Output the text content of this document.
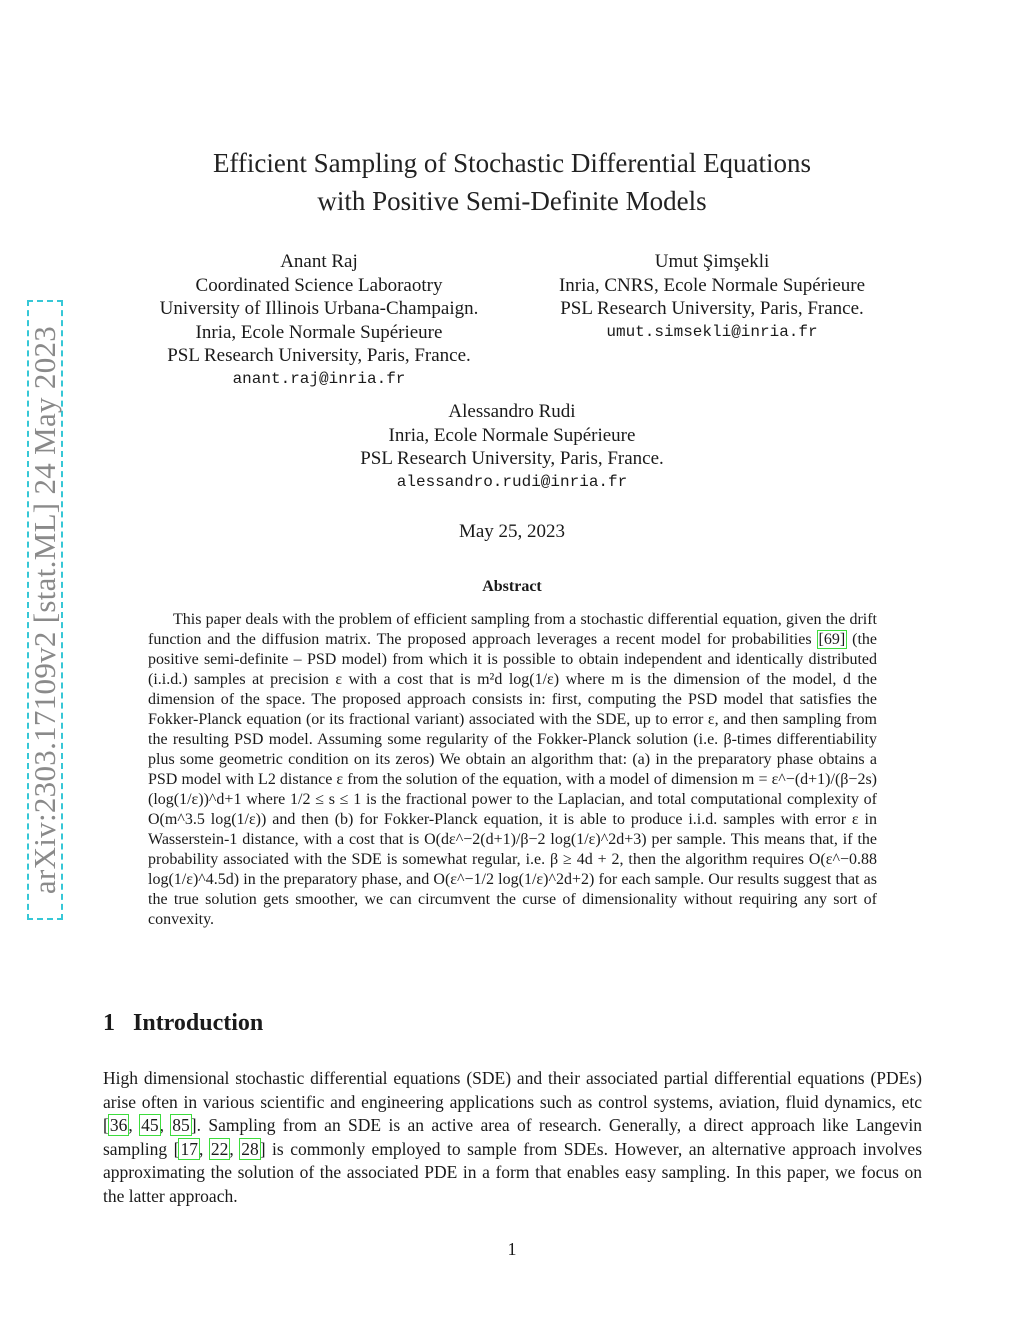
arXiv:2303.17109v2 [stat.ML] 24 May 2023
Efficient Sampling of Stochastic Differential Equations
with Positive Semi-Definite Models
Anant Raj
Coordinated Science Laboraotry
University of Illinois Urbana-Champaign.
Inria, Ecole Normale Supérieure
PSL Research University, Paris, France.
anant.raj@inria.fr
Umut Şimşekli
Inria, CNRS, Ecole Normale Supérieure
PSL Research University, Paris, France.
umut.simsekli@inria.fr
Alessandro Rudi
Inria, Ecole Normale Supérieure
PSL Research University, Paris, France.
alessandro.rudi@inria.fr
May 25, 2023
Abstract
This paper deals with the problem of efficient sampling from a stochastic differential equation, given the drift function and the diffusion matrix. The proposed approach leverages a recent model for probabilities [69] (the positive semi-definite – PSD model) from which it is possible to obtain independent and identically distributed (i.i.d.) samples at precision ε with a cost that is m²d log(1/ε) where m is the dimension of the model, d the dimension of the space. The proposed approach consists in: first, computing the PSD model that satisfies the Fokker-Planck equation (or its fractional variant) associated with the SDE, up to error ε, and then sampling from the resulting PSD model. Assuming some regularity of the Fokker-Planck solution (i.e. β-times differentiability plus some geometric condition on its zeros) We obtain an algorithm that: (a) in the preparatory phase obtains a PSD model with L2 distance ε from the solution of the equation, with a model of dimension m = ε^−(d+1)/(β−2s) (log(1/ε))^d+1 where 1/2 ≤ s ≤ 1 is the fractional power to the Laplacian, and total computational complexity of O(m^3.5 log(1/ε)) and then (b) for Fokker-Planck equation, it is able to produce i.i.d. samples with error ε in Wasserstein-1 distance, with a cost that is O(dε^−2(d+1)/β−2 log(1/ε)^2d+3) per sample. This means that, if the probability associated with the SDE is somewhat regular, i.e. β ≥ 4d + 2, then the algorithm requires O(ε^−0.88 log(1/ε)^4.5d) in the preparatory phase, and O(ε^−1/2 log(1/ε)^2d+2) for each sample. Our results suggest that as the true solution gets smoother, we can circumvent the curse of dimensionality without requiring any sort of convexity.
1 Introduction
High dimensional stochastic differential equations (SDE) and their associated partial differential equations (PDEs) arise often in various scientific and engineering applications such as control systems, aviation, fluid dynamics, etc [36, 45, 85]. Sampling from an SDE is an active area of research. Generally, a direct approach like Langevin sampling [17, 22, 28] is commonly employed to sample from SDEs. However, an alternative approach involves approximating the solution of the associated PDE in a form that enables easy sampling. In this paper, we focus on the latter approach.
1
